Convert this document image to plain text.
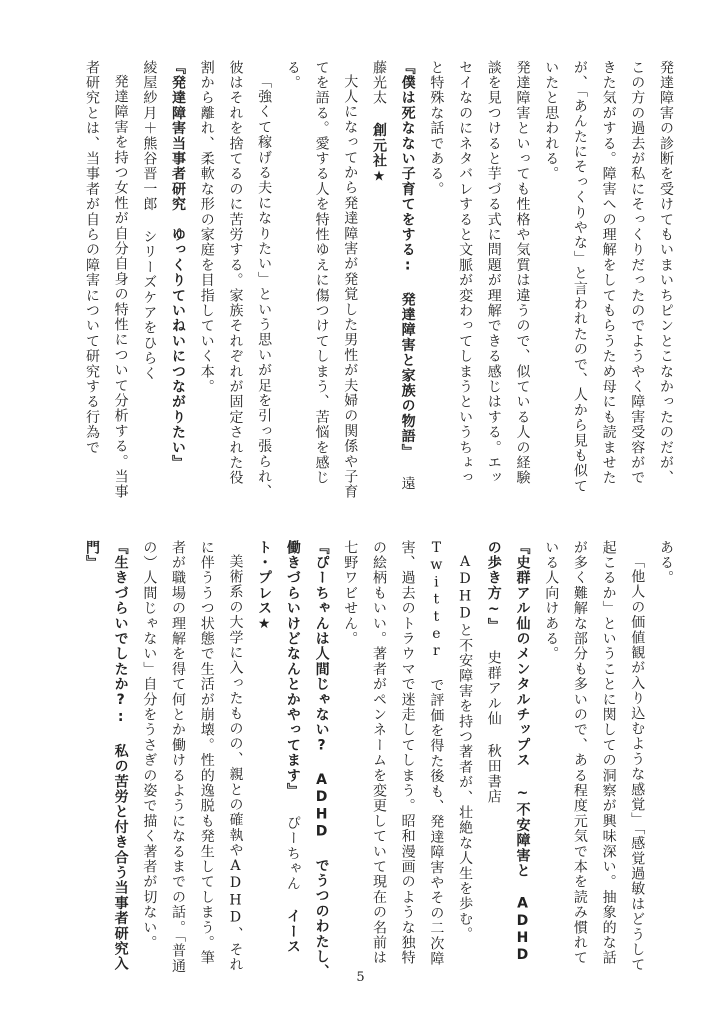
発達障害の診断を受けてもいまいちピンとこなかったのだが、この方の過去が私にそっくりだったのでようやく障害受容ができた気がする。障害への理解をしてもらうため母にも読ませたが、「あんたにそっくりやな」と言われたので、人から見も似ていたと思われる。
発達障害といっても性格や気質は違うので、似ている人の経験談を見つけると芋づる式に問題が理解できる感じはする。エッセイなのにネタバレすると文脈が変わってしまうというちょっと特殊な話である。
『僕は死なない子育てをする: 発達障害と家族の物語』 遠藤光太 創元社★
大人になってから発達障害が発覚した男性が夫婦の関係や子育てを語る。愛する人を特性ゆえに傷つけてしまう、苦悩を感じる。
「強くて稼げる夫になりたい」という思いが足を引っ張られ、彼はそれを捨てるのに苦労する。家族それぞれが固定された役割から離れ、柔軟な形の家庭を目指していく本。
『発達障害当事者研究　ゆっくりていねいにつながりたい』 綾屋紗月＋熊谷晋一郎 シリーズケアをひらく
発達障害を持つ女性が自分自身の特性について分析する。当事者研究とは、当事者が自らの障害について研究する行為で
ある。
「他人の価値観が入り込むような感覚」「感覚過敏はどうして起こるか」ということに関しての洞察が興味深い。抽象的な話が多く難解な部分も多いので、ある程度元気で本を読み慣れている人向けある。
『史群アル仙のメンタルチップス ~不安障害と ADHD の歩き方~』 史群アル仙 秋田書店
ADHDと不安障害を持つ著者が、壮絶な人生を歩む。Twitter で評価を得た後も、発達障害やその二次障害、過去のトラウマで迷走してしまう。昭和漫画のような独特の絵柄もいい。著者がペンネームを変更していて現在の名前は 七野ワビせん。
『ぴーちゃんは人間じゃない? ADHD でうつのわたし、働きづらいけどなんとかやってます』 ぴーちゃん イースト・プレス★
美術系の大学に入ったものの、親との確執やADHD、それに伴ううつ状態で生活が崩壊。性的逸脱も発生してしまう。筆者が職場の理解を得て何とか働けるようになるまでの話。「普通の）人間じゃない」自分をうさぎの姿で描く著者が切ない。
『生きづらいでしたか?: 私の苦労と付き合う当事者研究入門』
5
